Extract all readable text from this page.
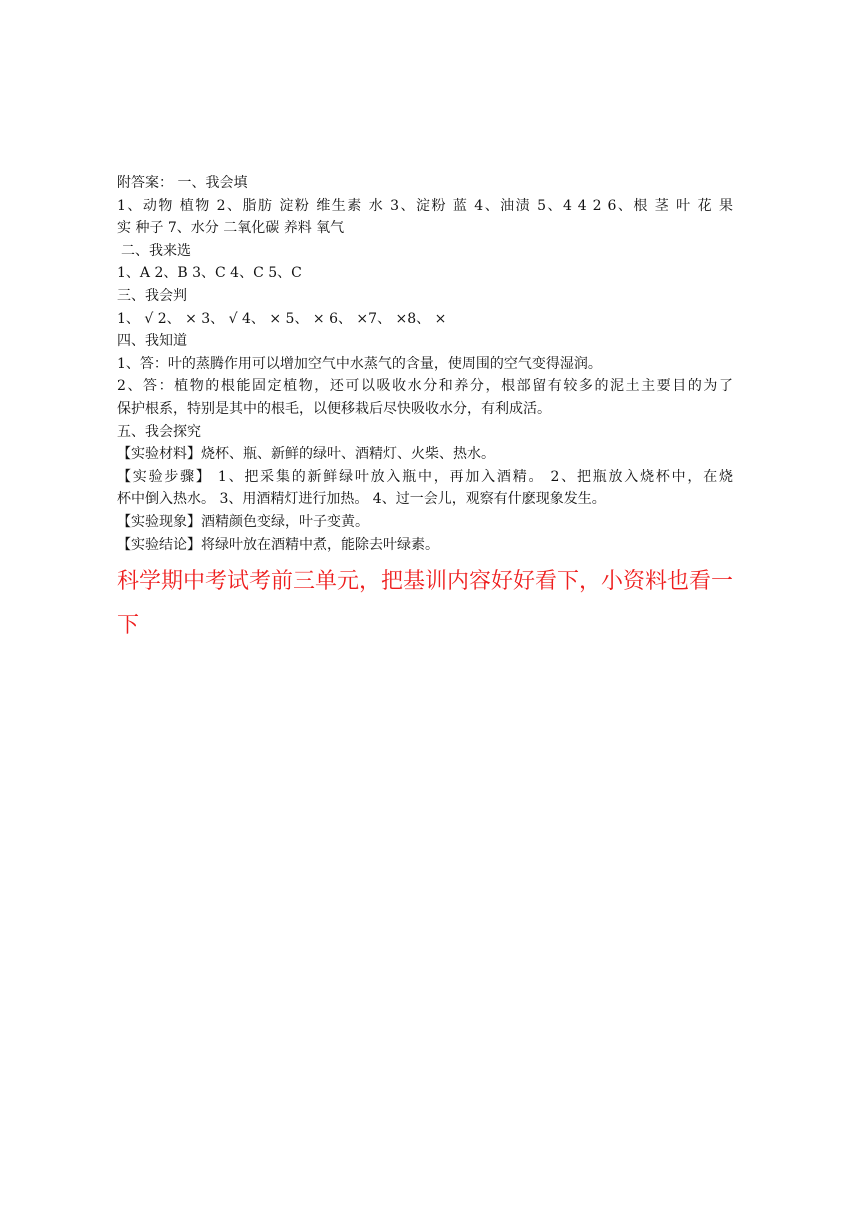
附答案： 一、我会填
1、动物 植物 2、脂肪 淀粉 维生素 水 3、淀粉 蓝 4、油渍 5、4 4 2 6、根 茎 叶 花 果
实 种子 7、水分 二氧化碳 养料 氧气
二、我来选
1、A 2、B 3、C 4、C 5、C
三、我会判
1、 √ 2、 × 3、 √ 4、 × 5、 × 6、 ×7、 ×8、 ×
四、我知道
1、答：叶的蒸腾作用可以增加空气中水蒸气的含量，使周围的空气变得湿润。
2、答：植物的根能固定植物，还可以吸收水分和养分，根部留有较多的泥土主要目的为了
保护根系，特别是其中的根毛，以便移栽后尽快吸收水分，有利成活。
五、我会探究
【实验材料】烧杯、瓶、新鲜的绿叶、酒精灯、火柴、热水。
【实验步骤】 1、把采集的新鲜绿叶放入瓶中，再加入酒精。 2、把瓶放入烧杯中，在烧
杯中倒入热水。 3、用酒精灯进行加热。 4、过一会儿，观察有什麽现象发生。
【实验现象】酒精颜色变绿，叶子变黄。
【实验结论】将绿叶放在酒精中煮，能除去叶绿素。
科学期中考试考前三单元，把基训内容好好看下，小资料也看一下
